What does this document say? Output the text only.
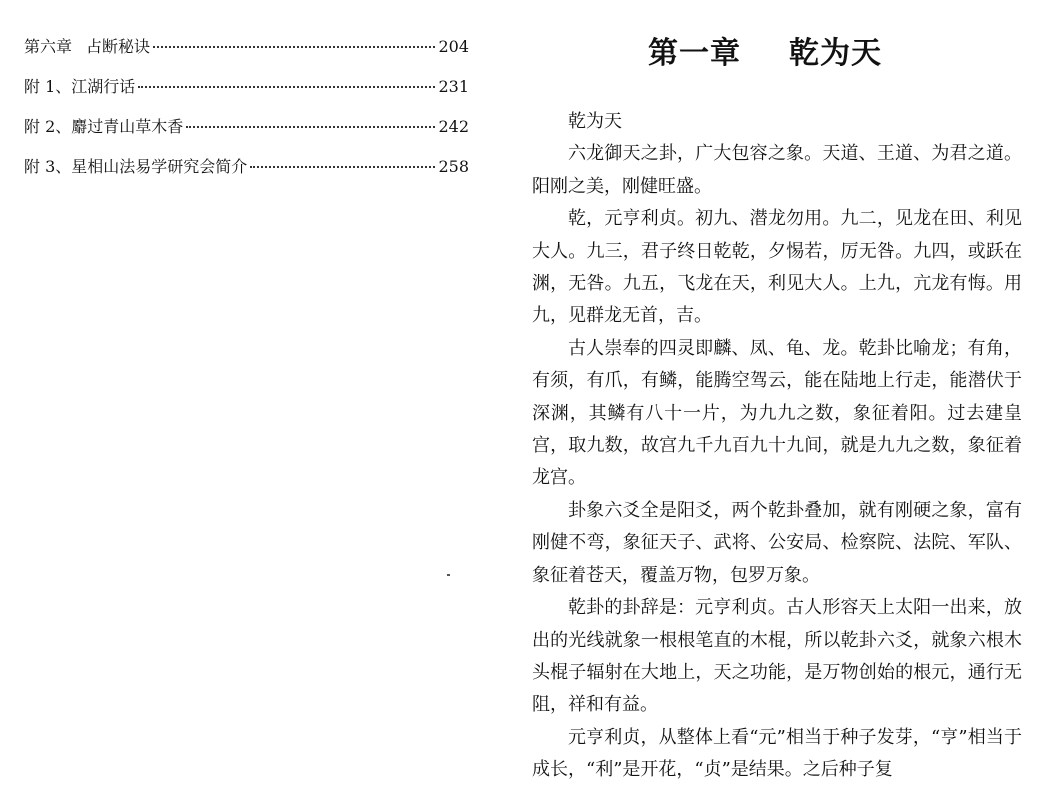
第六章 占断秘诀	204
附 1、 江湖行话	231
附 2、 麝过青山草木香	242
附 3、 星相山法易学研究会简介	258
第一章 乾为天

乾为天

六龙御天之卦，广大包容之象。天道、王道、为君之道。阳刚之美，刚健旺盛。

乾，元亨利贞。初九、潜龙勿用。九二，见龙在田、利见大人。九三，君子终日乾乾，夕惕若，厉无咎。九四，或跃在渊，无咎。九五，飞龙在天，利见大人。上九，亢龙有悔。用九，见群龙无首，吉。

古人崇奉的四灵即麟、凤、龟、龙。乾卦比喻龙；有角，有须，有爪，有鳞，能腾空驾云，能在陆地上行走，能潜伏于深渊，其鳞有八十一片，为九九之数，象征着阳。过去建皇宫，取九数，故宫九千九百九十九间，就是九九之数，象征着龙宫。

卦象六爻全是阳爻，两个乾卦叠加，就有刚硬之象，富有刚健不弯，象征天子、武将、公安局、检察院、法院、军队、象征着苍天，覆盖万物，包罗万象。

乾卦的卦辞是：元亨利贞。古人形容天上太阳一出来，放出的光线就象一根根笔直的木棍，所以乾卦六爻，就象六根木头棍子辐射在大地上，天之功能，是万物创始的根元，通行无阻，祥和有益。

元亨利贞，从整体上看“元”相当于种子发芽，“亨”相当于成长，“利”是开花，“贞”是结果。之后种子复
